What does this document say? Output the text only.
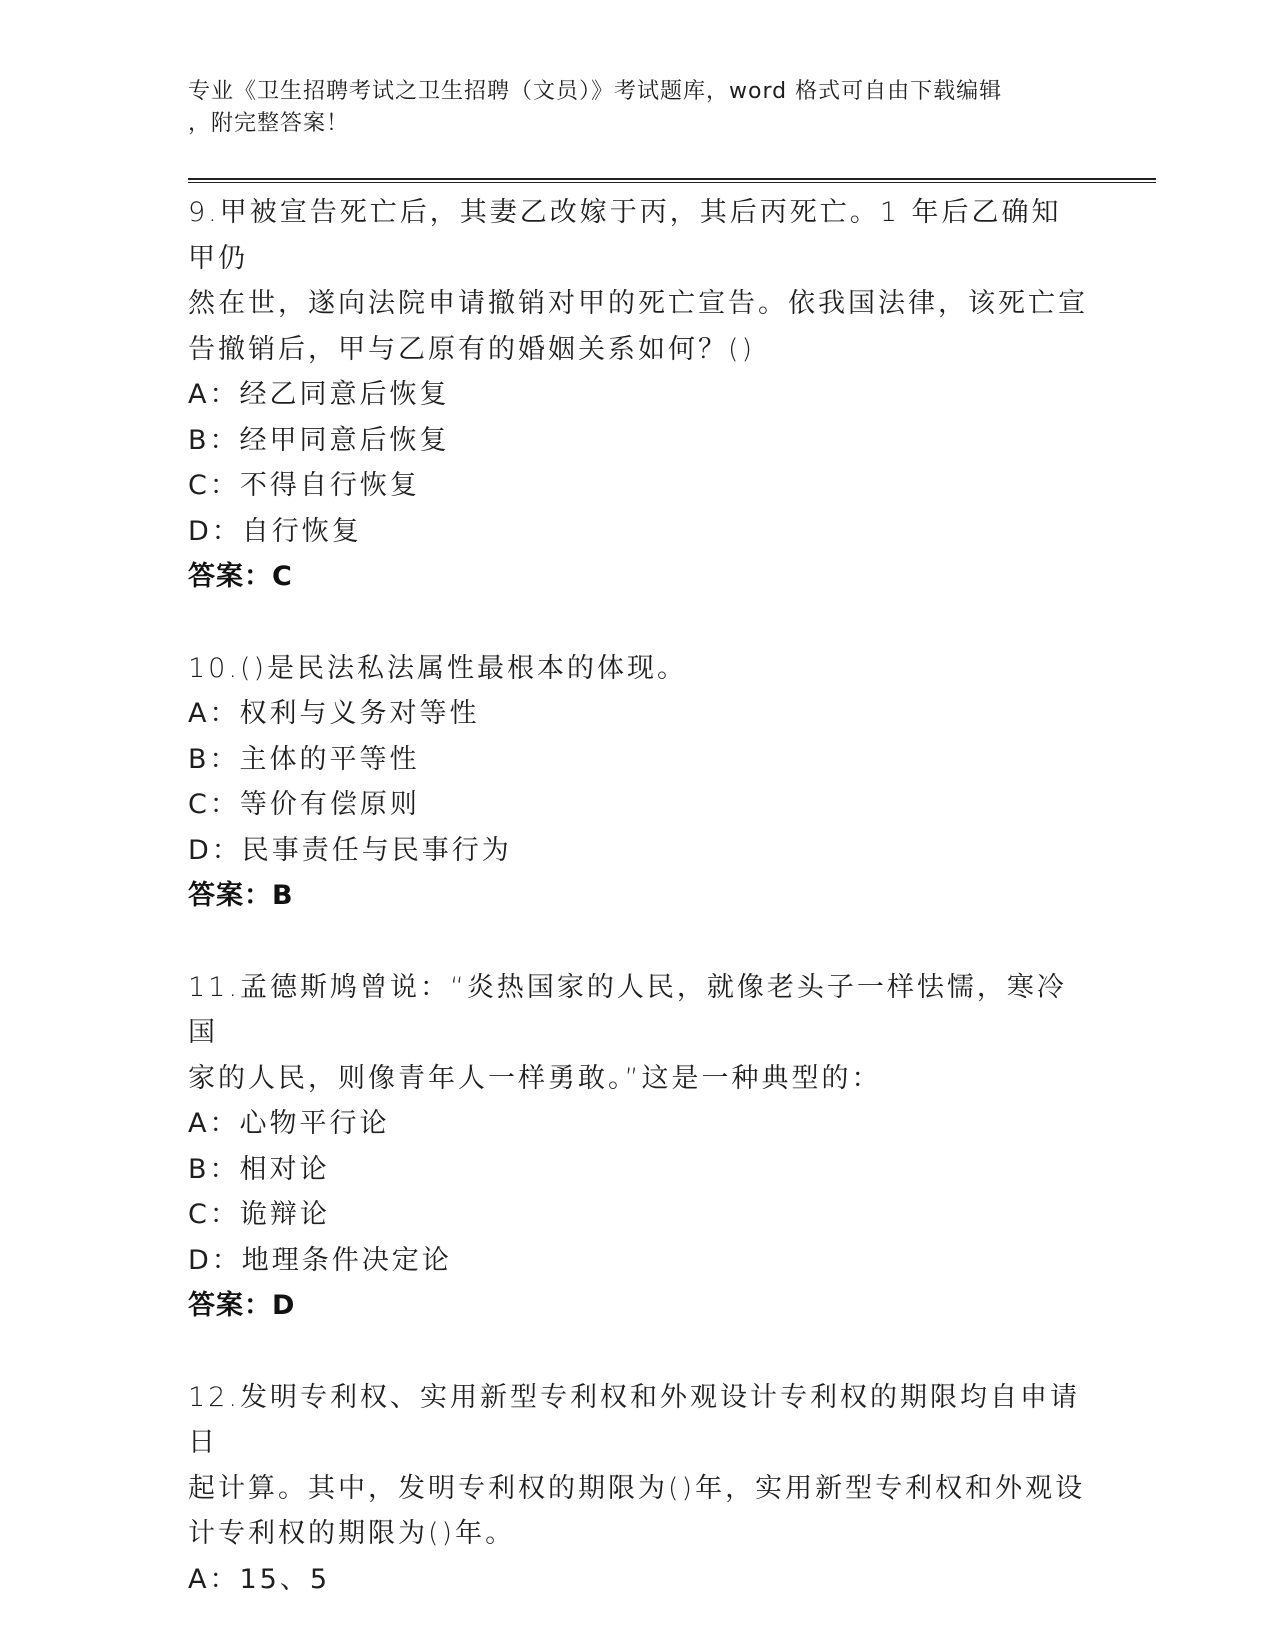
专业《卫生招聘考试之卫生招聘（文员）》考试题库，word 格式可自由下载编辑
，附完整答案！
9.甲被宣告死亡后，其妻乙改嫁于丙，其后丙死亡。1 年后乙确知甲仍
然在世，遂向法院申请撤销对甲的死亡宣告。依我国法律，该死亡宣
告撤销后，甲与乙原有的婚姻关系如何？()
A：经乙同意后恢复
B：经甲同意后恢复
C：不得自行恢复
D：自行恢复
答案：C
10.()是民法私法属性最根本的体现。
A：权利与义务对等性
B：主体的平等性
C：等价有偿原则
D：民事责任与民事行为
答案：B
11.孟德斯鸠曾说：“炎热国家的人民，就像老头子一样怯懦，寒冷国
家的人民，则像青年人一样勇敢。”这是一种典型的：
A：心物平行论
B：相对论
C：诡辩论
D：地理条件决定论
答案：D
12.发明专利权、实用新型专利权和外观设计专利权的期限均自申请日
起计算。其中，发明专利权的期限为()年，实用新型专利权和外观设
计专利权的期限为()年。
A：15、5
